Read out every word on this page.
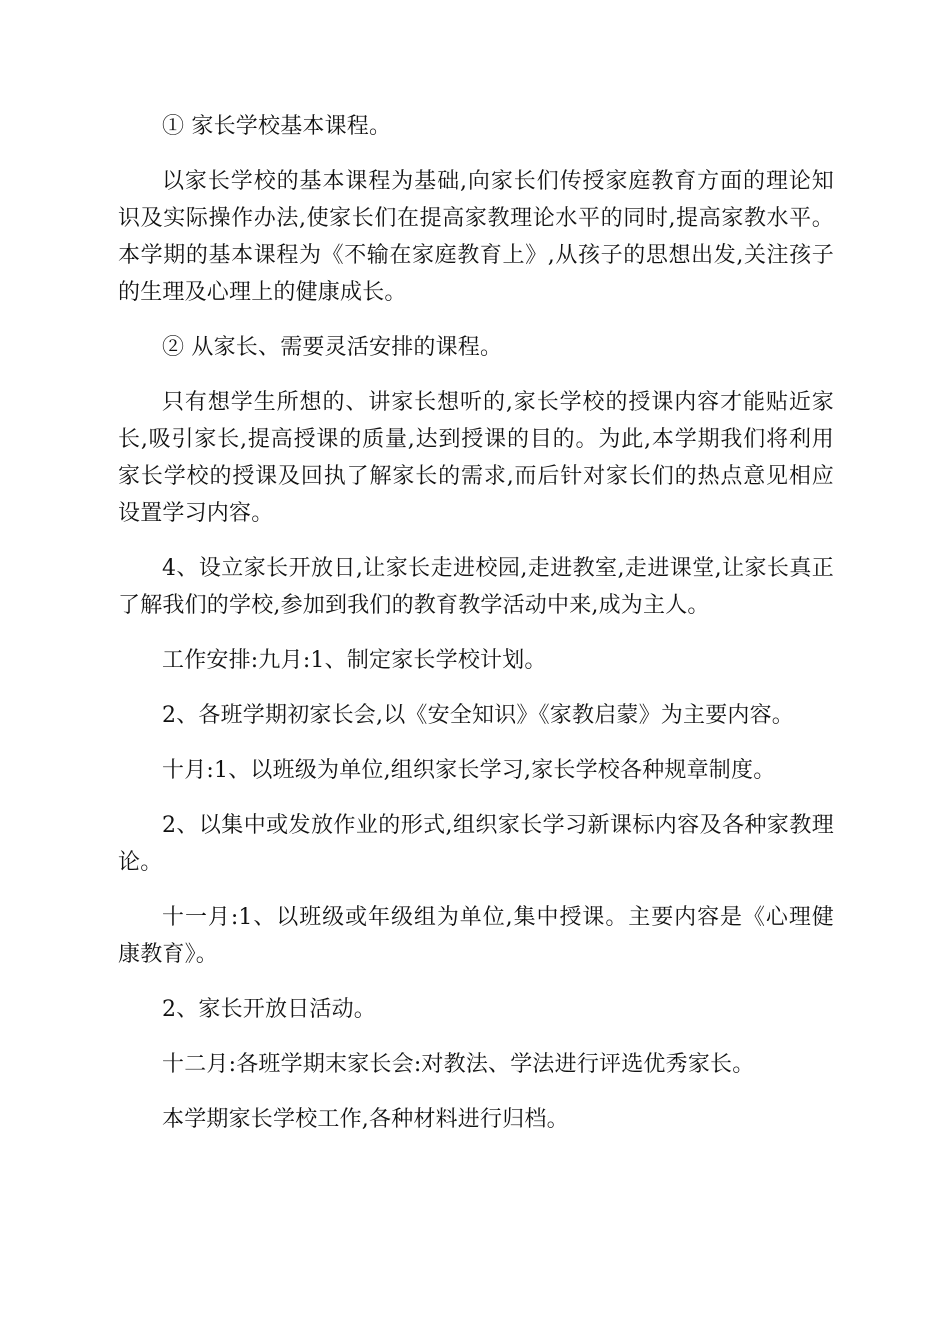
① 家长学校基本课程。

以家长学校的基本课程为基础,向家长们传授家庭教育方面的理论知识及实际操作办法,使家长们在提高家教理论水平的同时,提高家教水平。本学期的基本课程为《不输在家庭教育上》,从孩子的思想出发,关注孩子的生理及心理上的健康成长。

② 从家长、需要灵活安排的课程。

只有想学生所想的、讲家长想听的,家长学校的授课内容才能贴近家长,吸引家长,提高授课的质量,达到授课的目的。为此,本学期我们将利用家长学校的授课及回执了解家长的需求,而后针对家长们的热点意见相应设置学习内容。

4、设立家长开放日,让家长走进校园,走进教室,走进课堂,让家长真正了解我们的学校,参加到我们的教育教学活动中来,成为主人。

工作安排:九月:1、制定家长学校计划。

2、各班学期初家长会,以《安全知识》《家教启蒙》为主要内容。

十月:1、以班级为单位,组织家长学习,家长学校各种规章制度。

2、以集中或发放作业的形式,组织家长学习新课标内容及各种家教理论。

十一月:1、以班级或年级组为单位,集中授课。主要内容是《心理健康教育》。

2、家长开放日活动。

十二月:各班学期末家长会:对教法、学法进行评选优秀家长。

本学期家长学校工作,各种材料进行归档。
